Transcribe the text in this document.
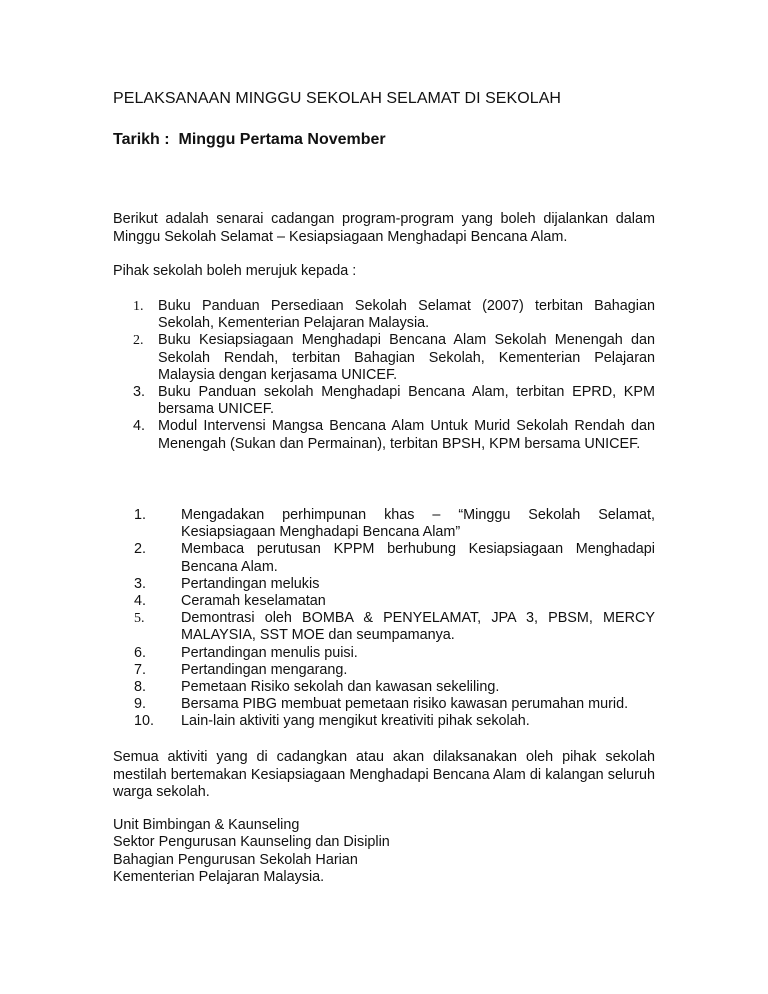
PELAKSANAAN MINGGU SEKOLAH SELAMAT DI SEKOLAH
Tarikh :  Minggu Pertama November
Berikut adalah senarai cadangan program-program yang boleh dijalankan dalam Minggu Sekolah Selamat – Kesiapsiagaan Menghadapi Bencana Alam.
Pihak sekolah boleh merujuk kepada :
1. Buku Panduan Persediaan Sekolah Selamat (2007) terbitan Bahagian Sekolah, Kementerian Pelajaran Malaysia.
2. Buku Kesiapsiagaan Menghadapi Bencana Alam Sekolah Menengah dan Sekolah Rendah, terbitan Bahagian Sekolah, Kementerian Pelajaran Malaysia dengan kerjasama UNICEF.
3. Buku Panduan sekolah Menghadapi Bencana Alam, terbitan EPRD, KPM bersama UNICEF.
4. Modul Intervensi Mangsa Bencana Alam Untuk Murid Sekolah Rendah dan Menengah (Sukan dan Permainan), terbitan BPSH, KPM bersama UNICEF.
1. Mengadakan perhimpunan khas – “Minggu Sekolah Selamat, Kesiapsiagaan Menghadapi Bencana Alam”
2. Membaca perutusan KPPM berhubung Kesiapsiagaan Menghadapi Bencana Alam.
3. Pertandingan melukis
4. Ceramah keselamatan
5.	Demontrasi oleh BOMBA & PENYELAMAT, JPA 3, PBSM, MERCY MALAYSIA, SST MOE dan seumpamanya.
6. Pertandingan menulis puisi.
7. Pertandingan mengarang.
8. Pemetaan Risiko sekolah dan kawasan sekeliling.
9. Bersama PIBG membuat pemetaan risiko kawasan perumahan murid.
10. Lain-lain aktiviti yang mengikut kreativiti pihak sekolah.
Semua aktiviti yang di cadangkan atau akan dilaksanakan oleh pihak sekolah mestilah bertemakan Kesiapsiagaan Menghadapi Bencana Alam di kalangan seluruh warga sekolah.
Unit Bimbingan & Kaunseling
Sektor Pengurusan Kaunseling dan Disiplin
Bahagian Pengurusan Sekolah Harian
Kementerian Pelajaran Malaysia.
